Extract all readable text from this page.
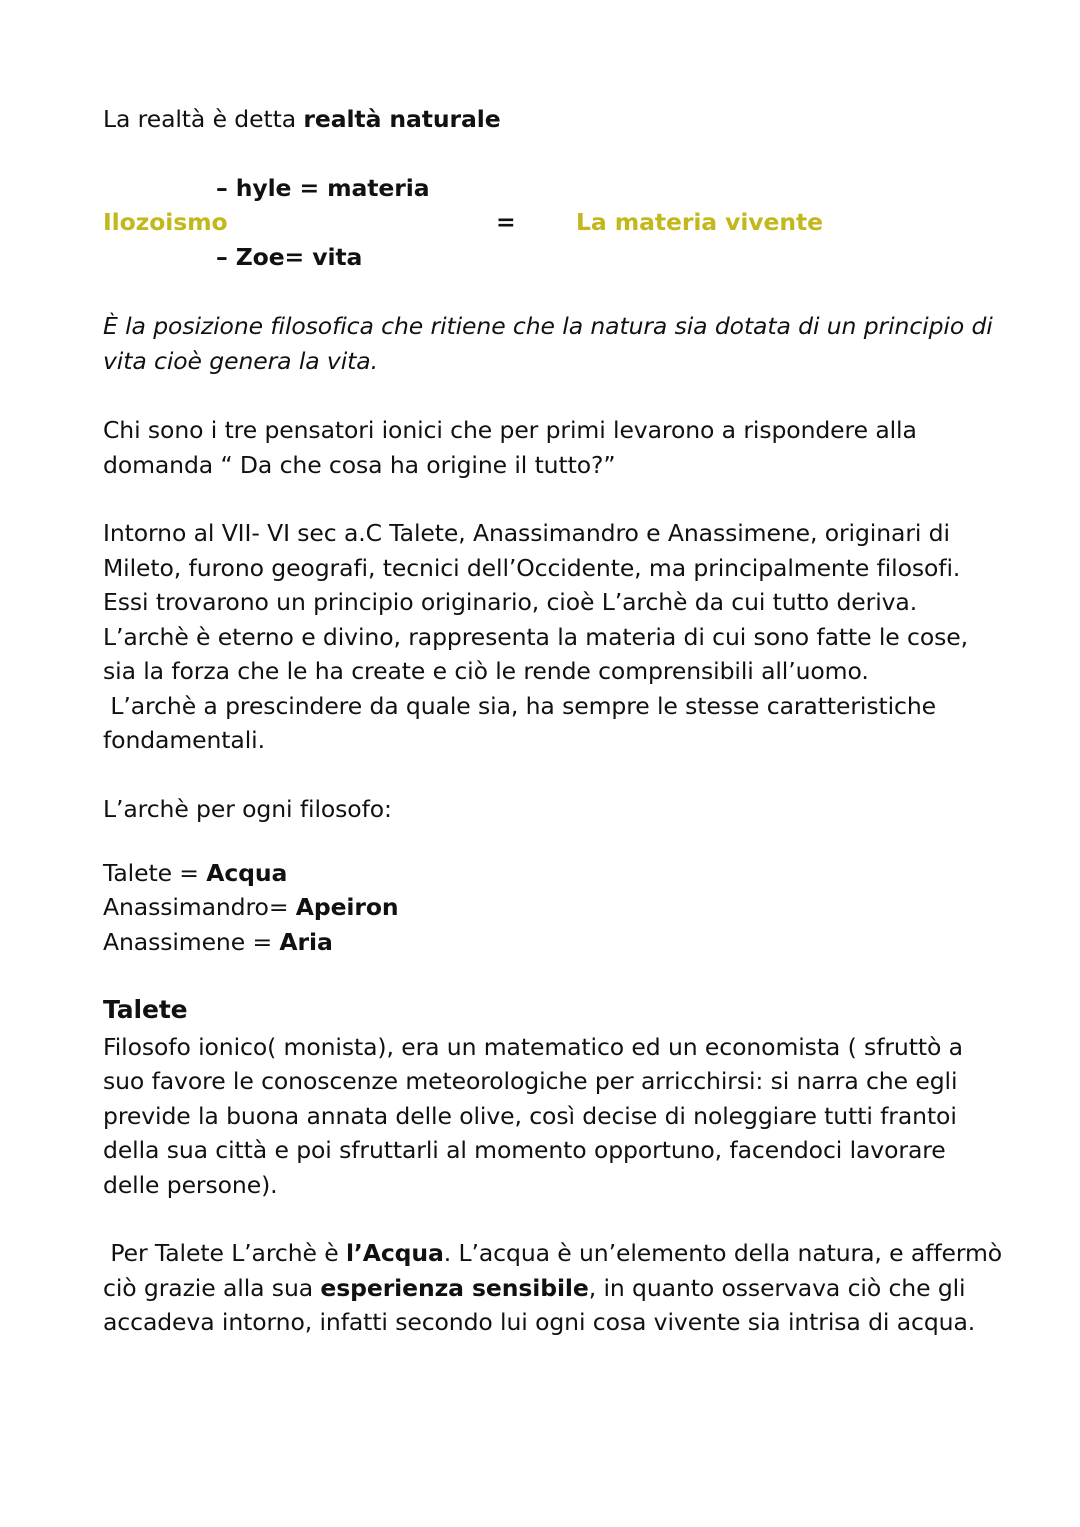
La realtà è detta realtà naturale

– hyle = materia

Ilozoismo	=	La materia vivente

– Zoe= vita

È la posizione filosofica che ritiene che la natura sia dotata di un principio di

vita cioè genera la vita.

Chi sono i tre pensatori ionici che per primi levarono a rispondere alla

domanda “ Da che cosa ha origine il tutto?”

Intorno al VII- VI sec a.C Talete, Anassimandro e Anassimene, originari di

Mileto, furono geografi, tecnici dell’Occidente, ma principalmente filosofi.

Essi trovarono un principio originario, cioè L’archè da cui tutto deriva.

L’archè è eterno e divino, rappresenta la materia di cui sono fatte le cose,

sia la forza che le ha create e ciò le rende comprensibili all’uomo.

L’archè a prescindere da quale sia, ha sempre le stesse caratteristiche

fondamentali.

L’archè per ogni filosofo:

Talete = Acqua

Anassimandro= Apeiron

Anassimene = Aria

Talete

Filosofo ionico( monista), era un matematico ed un economista ( sfruttò a

suo favore le conoscenze meteorologiche per arricchirsi: si narra che egli

previde la buona annata delle olive, così decise di noleggiare tutti frantoi

della sua città e poi sfruttarli al momento opportuno, facendoci lavorare

delle persone).

Per Talete L’archè è l’Acqua. L’acqua è un’elemento della natura, e affermò

ciò grazie alla sua esperienza sensibile, in quanto osservava ciò che gli

accadeva intorno, infatti secondo lui ogni cosa vivente sia intrisa di acqua.
